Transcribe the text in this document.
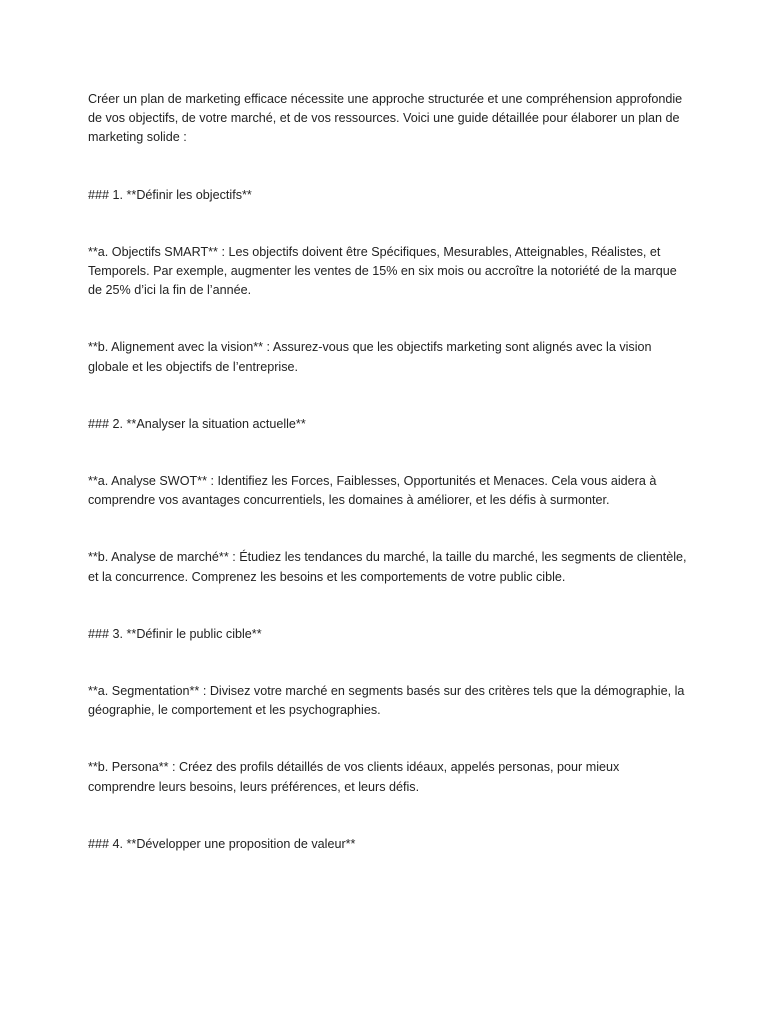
Créer un plan de marketing efficace nécessite une approche structurée et une compréhension approfondie de vos objectifs, de votre marché, et de vos ressources. Voici une guide détaillée pour élaborer un plan de marketing solide :

### 1. **Définir les objectifs**

**a. Objectifs SMART** : Les objectifs doivent être Spécifiques, Mesurables, Atteignables, Réalistes, et Temporels. Par exemple, augmenter les ventes de 15% en six mois ou accroître la notoriété de la marque de 25% d’ici la fin de l’année.

**b. Alignement avec la vision** : Assurez-vous que les objectifs marketing sont alignés avec la vision globale et les objectifs de l’entreprise.

### 2. **Analyser la situation actuelle**

**a. Analyse SWOT** : Identifiez les Forces, Faiblesses, Opportunités et Menaces. Cela vous aidera à comprendre vos avantages concurrentiels, les domaines à améliorer, et les défis à surmonter.

**b. Analyse de marché** : Étudiez les tendances du marché, la taille du marché, les segments de clientèle, et la concurrence. Comprenez les besoins et les comportements de votre public cible.

### 3. **Définir le public cible**

**a. Segmentation** : Divisez votre marché en segments basés sur des critères tels que la démographie, la géographie, le comportement et les psychographies.

**b. Persona** : Créez des profils détaillés de vos clients idéaux, appelés personas, pour mieux comprendre leurs besoins, leurs préférences, et leurs défis.

### 4. **Développer une proposition de valeur**
